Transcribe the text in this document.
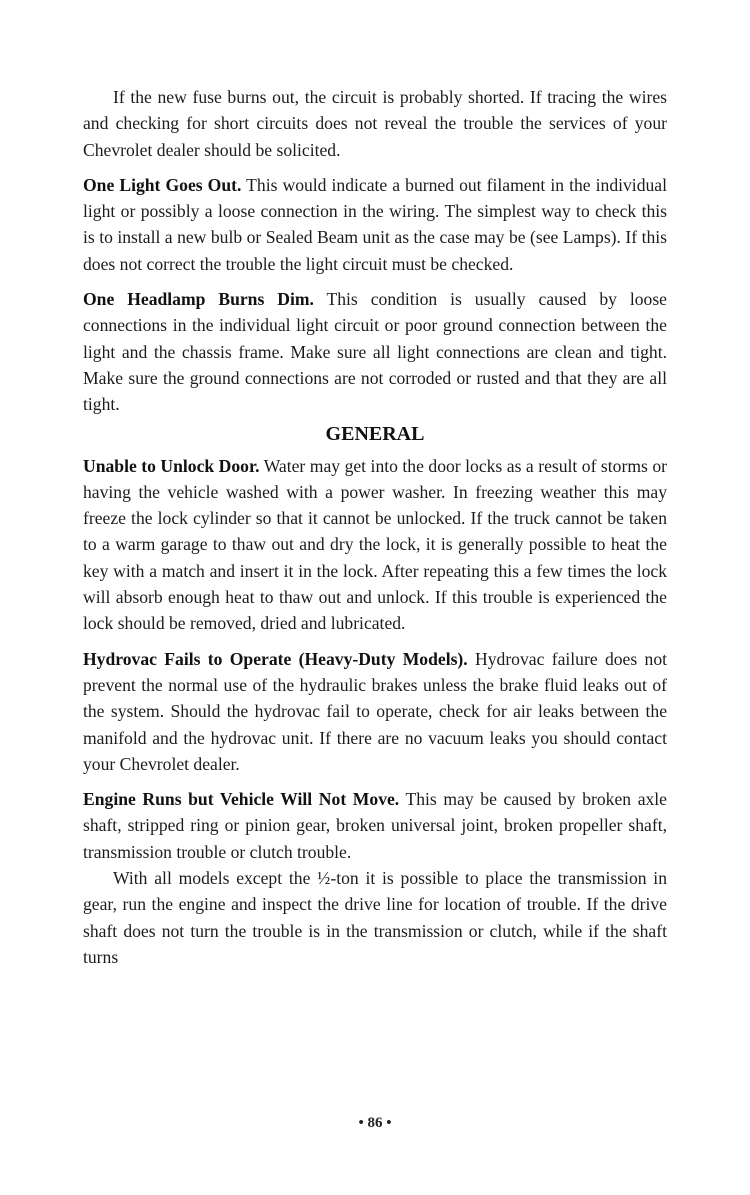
If the new fuse burns out, the circuit is probably shorted. If tracing the wires and checking for short circuits does not reveal the trouble the services of your Chevrolet dealer should be solicited.

One Light Goes Out. This would indicate a burned out filament in the individual light or possibly a loose connection in the wiring. The simplest way to check this is to install a new bulb or Sealed Beam unit as the case may be (see Lamps). If this does not correct the trouble the light circuit must be checked.

One Headlamp Burns Dim. This condition is usually caused by loose connections in the individual light circuit or poor ground connection between the light and the chassis frame. Make sure all light connections are clean and tight. Make sure the ground connections are not corroded or rusted and that they are all tight.

GENERAL

Unable to Unlock Door. Water may get into the door locks as a result of storms or having the vehicle washed with a power washer. In freezing weather this may freeze the lock cylinder so that it cannot be unlocked. If the truck cannot be taken to a warm garage to thaw out and dry the lock, it is generally possible to heat the key with a match and insert it in the lock. After repeating this a few times the lock will absorb enough heat to thaw out and unlock. If this trouble is experienced the lock should be removed, dried and lubricated.

Hydrovac Fails to Operate (Heavy-Duty Models). Hydrovac failure does not prevent the normal use of the hydraulic brakes unless the brake fluid leaks out of the system. Should the hydrovac fail to operate, check for air leaks between the manifold and the hydrovac unit. If there are no vacuum leaks you should contact your Chevrolet dealer.

Engine Runs but Vehicle Will Not Move. This may be caused by broken axle shaft, stripped ring or pinion gear, broken universal joint, broken propeller shaft, transmission trouble or clutch trouble.

With all models except the ½-ton it is possible to place the transmission in gear, run the engine and inspect the drive line for location of trouble. If the drive shaft does not turn the trouble is in the transmission or clutch, while if the shaft turns

• 86 •
